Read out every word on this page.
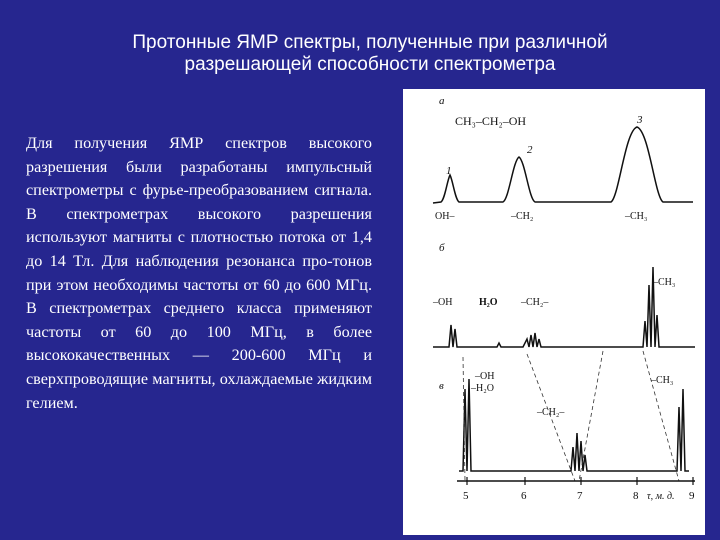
Протонные ЯМР спектры, полученные при различной
разрешающей способности спектрометра
Для получения ЯМР спектров высокого разрешения были разработаны импульсный спектрометры с фурье-преобразованием сигнала. В спектрометрах высокого разрешения используют магниты с плотностью потока от 1,4 до 14 Тл. Для наблюдения резонанса про-тонов при этом необходимы частоты от 60 до 600 МГц. В спектрометрах среднего класса применяют частоты от 60 до 100 МГц, в более высококачественных — 200-600 МГц и сверхпроводящие магниты, охлаждаемые жидким гелием.
а
CH₃–CH₂–OH
1
2
3
OH–	–CH₂	–CH₃
б
–OH	H₂O –CH₂–
–CH₃
в
–OH
–H₂O
–CH₂–
–CH₃
5	6	7	8	9
τ, м. д.
